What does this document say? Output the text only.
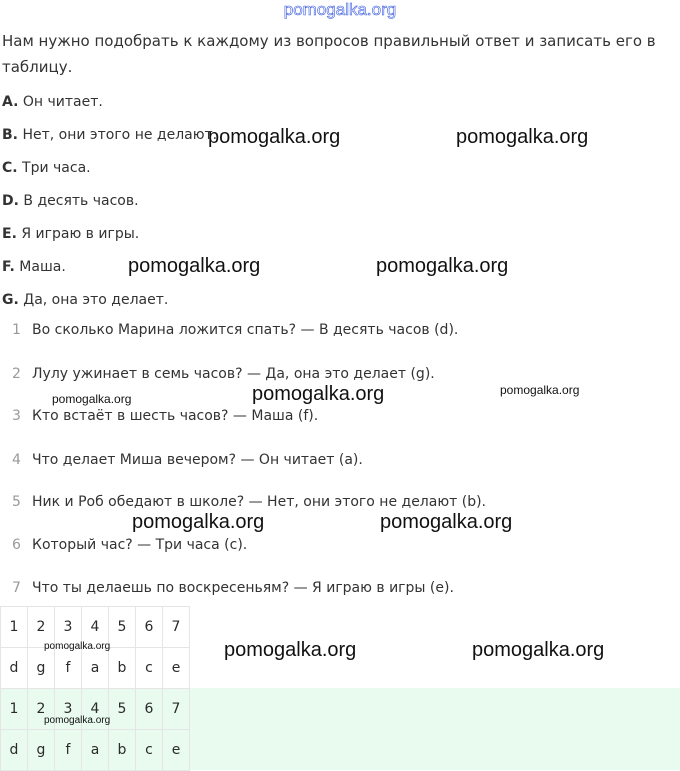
pomogalka.org
Нам нужно подобрать к каждому из вопросов правильный ответ и записать его в таблицу.
A. Он читает.
B. Нет, они этого не делают.
C. Три часа.
D. В десять часов.
E. Я играю в игры.
F. Маша.
G. Да, она это делает.
1 Во сколько Марина ложится спать? — В десять часов (d).
2 Лулу ужинает в семь часов? — Да, она это делает (g).
3 Кто встаёт в шесть часов? — Маша (f).
4 Что делает Миша вечером? — Он читает (a).
5 Ник и Роб обедают в школе? — Нет, они этого не делают (b).
6 Который час? — Три часа (c).
7 Что ты делаешь по воскресеньям? — Я играю в игры (e).
1	2	3	4	5	6	7
d	g	f	a	b	c	e
1	2	3	4	5	6	7
d	g	f	a	b	c	e
pomogalka.org	pomogalka.org
pomogalka.org	pomogalka.org
pomogalka.org
pomogalka.org
pomogalka.org
pomogalka.org	pomogalka.org
pomogalka.org	pomogalka.org
pomogalka.org
pomogalka.org
